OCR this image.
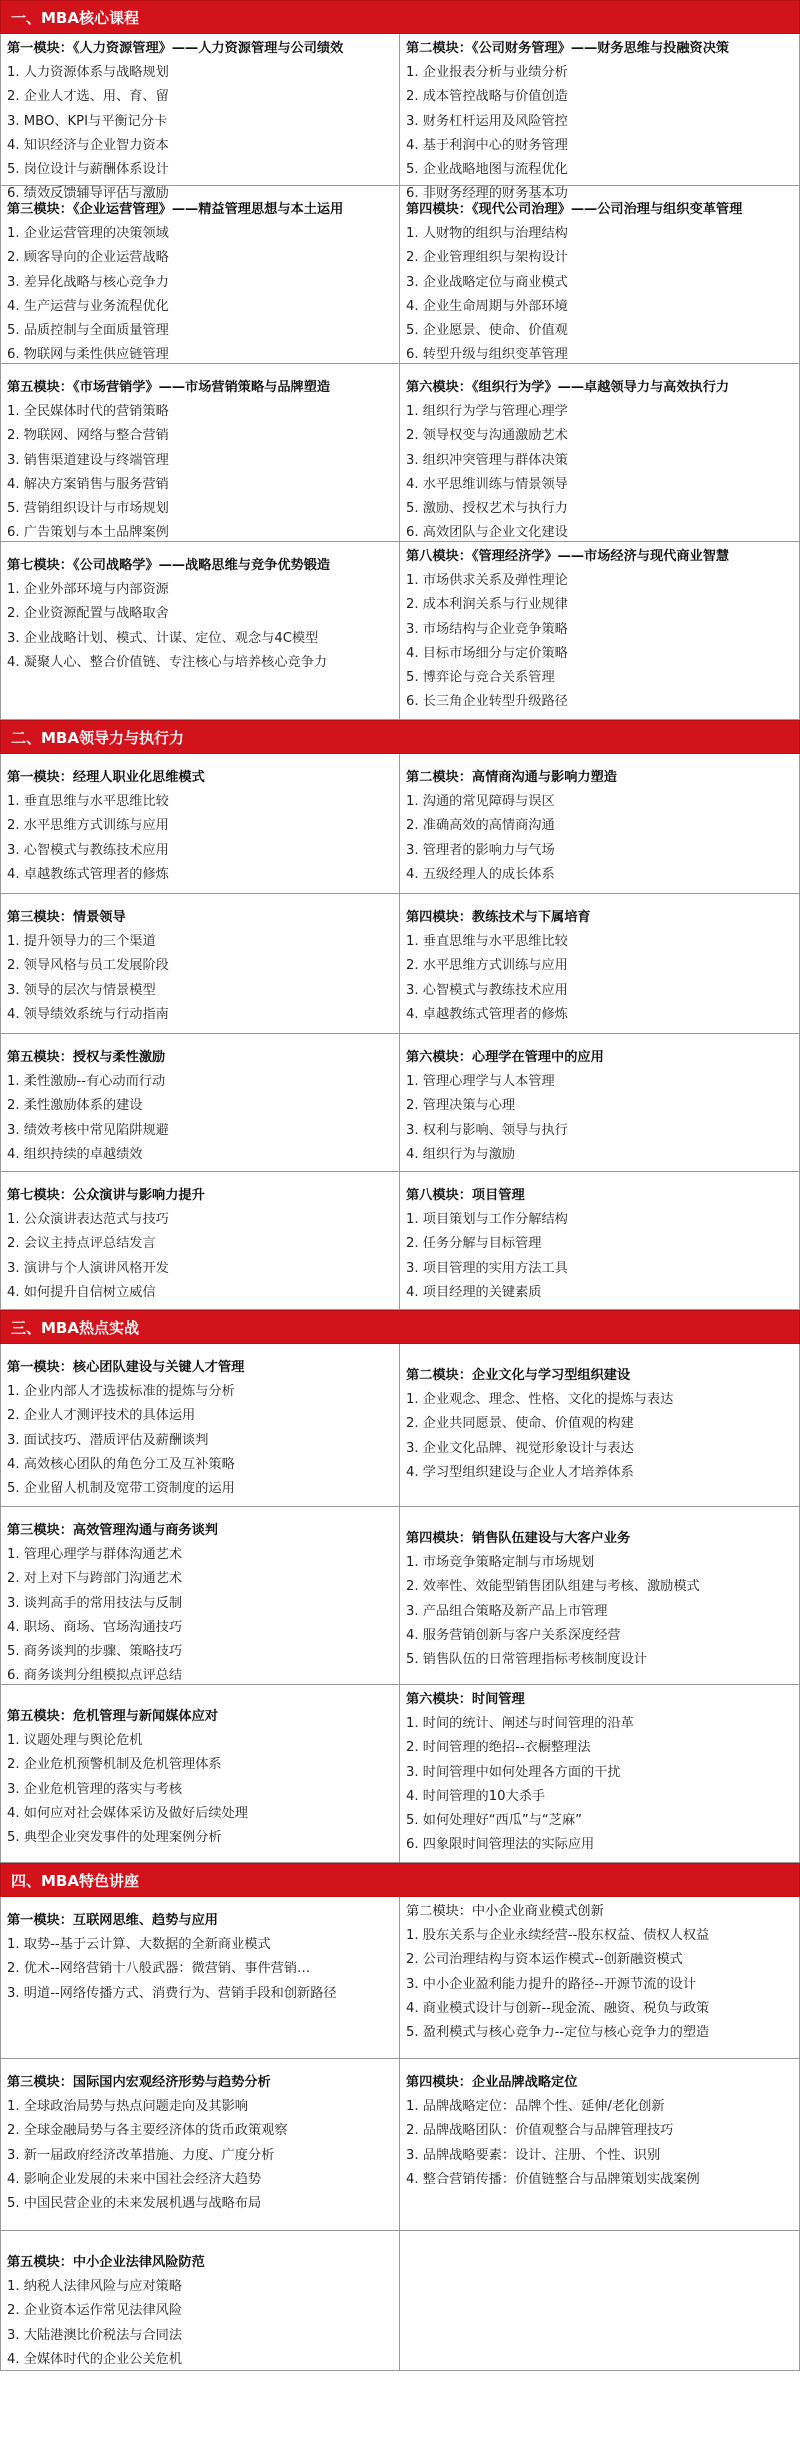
一、MBA核心课程
第一模块：《人力资源管理》——人力资源管理与公司绩效
1. 人力资源体系与战略规划
2. 企业人才选、用、育、留
3. MBO、KPI与平衡记分卡
4. 知识经济与企业智力资本
5. 岗位设计与薪酬体系设计
6. 绩效反馈辅导评估与激励
第二模块：《公司财务管理》——财务思维与投融资决策
1. 企业报表分析与业绩分析
2. 成本管控战略与价值创造
3. 财务杠杆运用及风险管控
4. 基于利润中心的财务管理
5. 企业战略地图与流程优化
6. 非财务经理的财务基本功
第三模块：《企业运营管理》——精益管理思想与本土运用
1. 企业运营管理的决策领域
2. 顾客导向的企业运营战略
3. 差异化战略与核心竞争力
4. 生产运营与业务流程优化
5. 品质控制与全面质量管理
6. 物联网与柔性供应链管理
第四模块：《现代公司治理》——公司治理与组织变革管理
1. 人财物的组织与治理结构
2. 企业管理组织与架构设计
3. 企业战略定位与商业模式
4. 企业生命周期与外部环境
5. 企业愿景、使命、价值观
6. 转型升级与组织变革管理
第五模块：《市场营销学》——市场营销策略与品牌塑造
1. 全民媒体时代的营销策略
2. 物联网、网络与整合营销
3. 销售渠道建设与终端管理
4. 解决方案销售与服务营销
5. 营销组织设计与市场规划
6. 广告策划与本土品牌案例
第六模块：《组织行为学》——卓越领导力与高效执行力
1. 组织行为学与管理心理学
2. 领导权变与沟通激励艺术
3. 组织冲突管理与群体决策
4. 水平思维训练与情景领导
5. 激励、授权艺术与执行力
6. 高效团队与企业文化建设
第七模块：《公司战略学》——战略思维与竞争优势锻造
1. 企业外部环境与内部资源
2. 企业资源配置与战略取舍
3. 企业战略计划、模式、计谋、定位、观念与4C模型
4. 凝聚人心、整合价值链、专注核心与培养核心竞争力
第八模块：《管理经济学》——市场经济与现代商业智慧
1. 市场供求关系及弹性理论
2. 成本利润关系与行业规律
3. 市场结构与企业竞争策略
4. 目标市场细分与定价策略
5. 博弈论与竞合关系管理
6. 长三角企业转型升级路径
二、MBA领导力与执行力
第一模块：经理人职业化思维模式
1. 垂直思维与水平思维比较
2. 水平思维方式训练与应用
3. 心智模式与教练技术应用
4. 卓越教练式管理者的修炼
第二模块：高情商沟通与影响力塑造
1. 沟通的常见障碍与误区
2. 准确高效的高情商沟通
3. 管理者的影响力与气场
4. 五级经理人的成长体系
第三模块：情景领导
1. 提升领导力的三个渠道
2. 领导风格与员工发展阶段
3. 领导的层次与情景模型
4. 领导绩效系统与行动指南
第四模块：教练技术与下属培育
1. 垂直思维与水平思维比较
2. 水平思维方式训练与应用
3. 心智模式与教练技术应用
4. 卓越教练式管理者的修炼
第五模块：授权与柔性激励
1. 柔性激励--有心动而行动
2. 柔性激励体系的建设
3. 绩效考核中常见陷阱规避
4. 组织持续的卓越绩效
第六模块：心理学在管理中的应用
1. 管理心理学与人本管理
2. 管理决策与心理
3. 权利与影响、领导与执行
4. 组织行为与激励
第七模块：公众演讲与影响力提升
1. 公众演讲表达范式与技巧
2. 会议主持点评总结发言
3. 演讲与个人演讲风格开发
4. 如何提升自信树立威信
第八模块：项目管理
1. 项目策划与工作分解结构
2. 任务分解与目标管理
3. 项目管理的实用方法工具
4. 项目经理的关键素质
三、MBA热点实战
第一模块：核心团队建设与关键人才管理
1. 企业内部人才选拔标准的提炼与分析
2. 企业人才测评技术的具体运用
3. 面试技巧、潜质评估及薪酬谈判
4. 高效核心团队的角色分工及互补策略
5. 企业留人机制及宽带工资制度的运用
第二模块：企业文化与学习型组织建设
1. 企业观念、理念、性格、文化的提炼与表达
2. 企业共同愿景、使命、价值观的构建
3. 企业文化品牌、视觉形象设计与表达
4. 学习型组织建设与企业人才培养体系
第三模块：高效管理沟通与商务谈判
1. 管理心理学与群体沟通艺术
2. 对上对下与跨部门沟通艺术
3. 谈判高手的常用技法与反制
4. 职场、商场、官场沟通技巧
5. 商务谈判的步骤、策略技巧
6. 商务谈判分组模拟点评总结
第四模块：销售队伍建设与大客户业务
1. 市场竞争策略定制与市场规划
2. 效率性、效能型销售团队组建与考核、激励模式
3. 产品组合策略及新产品上市管理
4. 服务营销创新与客户关系深度经营
5. 销售队伍的日常管理指标考核制度设计
第五模块：危机管理与新闻媒体应对
1. 议题处理与舆论危机
2. 企业危机预警机制及危机管理体系
3. 企业危机管理的落实与考核
4. 如何应对社会媒体采访及做好后续处理
5. 典型企业突发事件的处理案例分析
第六模块：时间管理
1. 时间的统计、阐述与时间管理的沿革
2. 时间管理的绝招--衣橱整理法
3. 时间管理中如何处理各方面的干扰
4. 时间管理的10大杀手
5. 如何处理好“西瓜”与“芝麻”
6. 四象限时间管理法的实际应用
四、MBA特色讲座
第一模块：互联网思维、趋势与应用
1. 取势--基于云计算、大数据的全新商业模式
2. 优术--网络营销十八般武器：微营销、事件营销…
3. 明道--网络传播方式、消费行为、营销手段和创新路径
第二模块：中小企业商业模式创新
1. 股东关系与企业永续经营--股东权益、债权人权益
2. 公司治理结构与资本运作模式--创新融资模式
3. 中小企业盈利能力提升的路径--开源节流的设计
4. 商业模式设计与创新--现金流、融资、税负与政策
5. 盈利模式与核心竞争力--定位与核心竞争力的塑造
第三模块：国际国内宏观经济形势与趋势分析
1. 全球政治局势与热点问题走向及其影响
2. 全球金融局势与各主要经济体的货币政策观察
3. 新一届政府经济改革措施、力度、广度分析
4. 影响企业发展的未来中国社会经济大趋势
5. 中国民营企业的未来发展机遇与战略布局
第四模块：企业品牌战略定位
1. 品牌战略定位：品牌个性、延伸/老化创新
2. 品牌战略团队：价值观整合与品牌管理技巧
3. 品牌战略要素：设计、注册、个性、识别
4. 整合营销传播：价值链整合与品牌策划实战案例
第五模块：中小企业法律风险防范
1. 纳税人法律风险与应对策略
2. 企业资本运作常见法律风险
3. 大陆港澳比价税法与合同法
4. 全媒体时代的企业公关危机
